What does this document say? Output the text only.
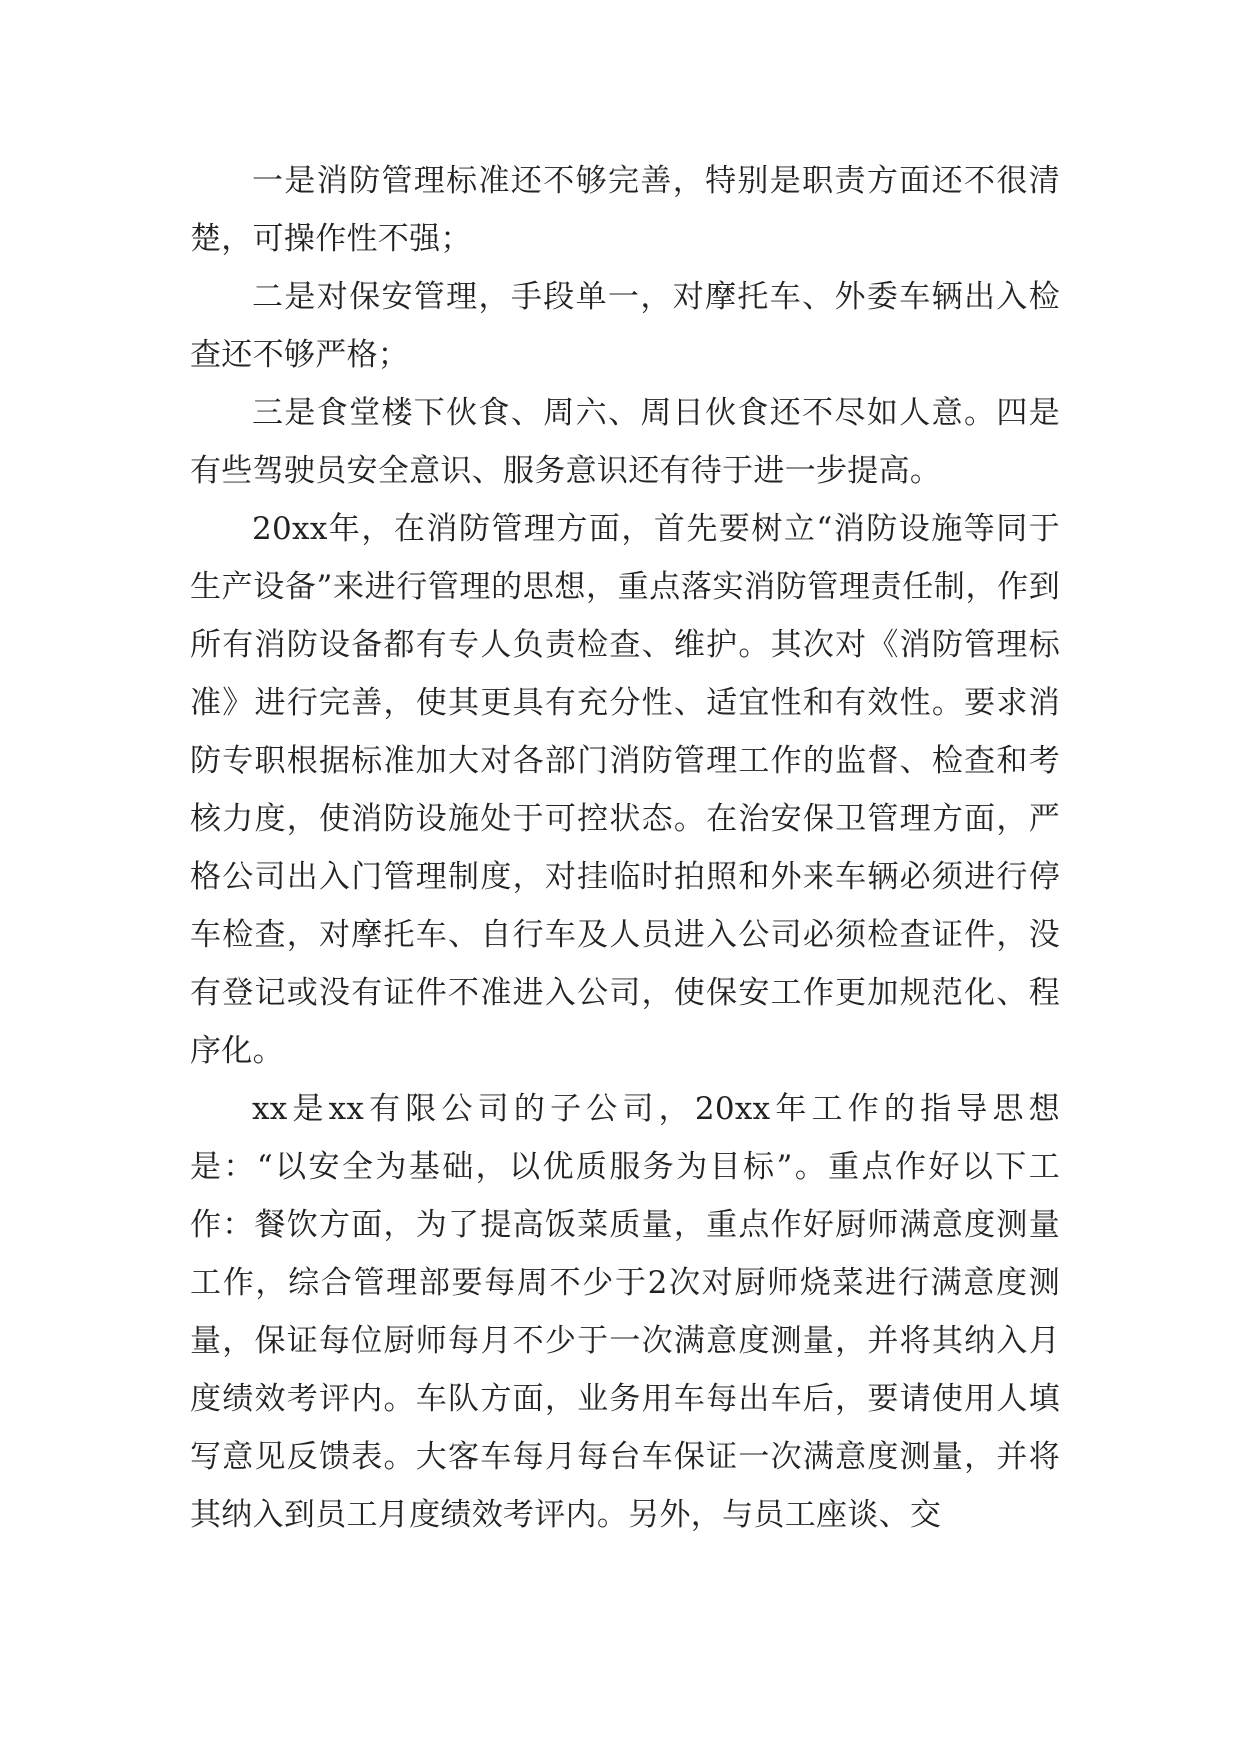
一是消防管理标准还不够完善，特别是职责方面还不很清楚，可操作性不强；

二是对保安管理，手段单一，对摩托车、外委车辆出入检查还不够严格；

三是食堂楼下伙食、周六、周日伙食还不尽如人意。四是有些驾驶员安全意识、服务意识还有待于进一步提高。

20xx年，在消防管理方面，首先要树立“消防设施等同于生产设备”来进行管理的思想，重点落实消防管理责任制，作到所有消防设备都有专人负责检查、维护。其次对《消防管理标准》进行完善，使其更具有充分性、适宜性和有效性。要求消防专职根据标准加大对各部门消防管理工作的监督、检查和考核力度，使消防设施处于可控状态。在治安保卫管理方面，严格公司出入门管理制度，对挂临时拍照和外来车辆必须进行停车检查，对摩托车、自行车及人员进入公司必须检查证件，没有登记或没有证件不准进入公司，使保安工作更加规范化、程序化。

xx是xx有限公司的子公司，20xx年工作的指导思想是：“以安全为基础，以优质服务为目标”。重点作好以下工作：餐饮方面，为了提高饭菜质量，重点作好厨师满意度测量工作，综合管理部要每周不少于2次对厨师烧菜进行满意度测量，保证每位厨师每月不少于一次满意度测量，并将其纳入月度绩效考评内。车队方面，业务用车每出车后，要请使用人填写意见反馈表。大客车每月每台车保证一次满意度测量，并将其纳入到员工月度绩效考评内。另外，与员工座谈、交
